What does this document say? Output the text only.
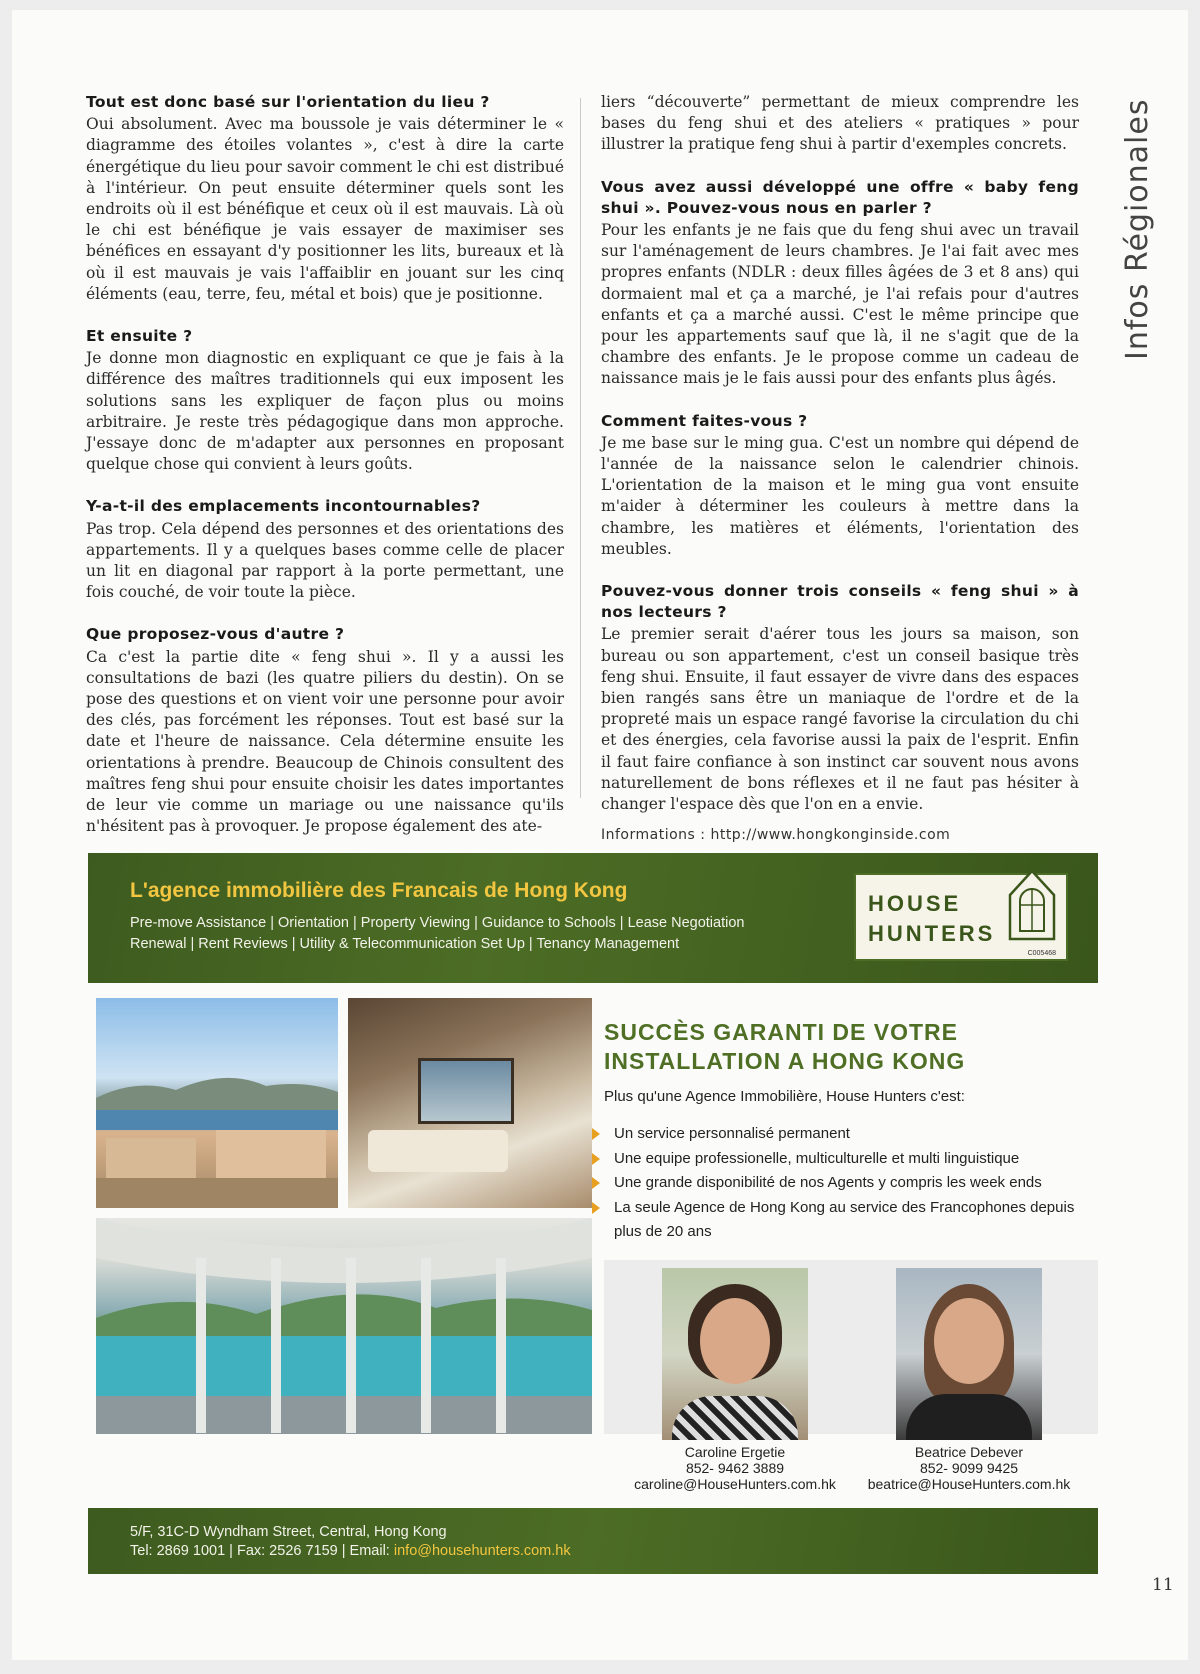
Infos Régionales
Tout est donc basé sur l'orientation du lieu ?
Oui absolument. Avec ma boussole je vais déterminer le « diagramme des étoiles volantes », c'est à dire la carte énergétique du lieu pour savoir comment le chi est distribué à l'intérieur. On peut ensuite déterminer quels sont les endroits où il est bénéfique et ceux où il est mauvais. Là où le chi est bénéfique je vais essayer de maximiser ses bénéfices en essayant d'y positionner les lits, bureaux et là où il est mauvais je vais l'affaiblir en jouant sur les cinq éléments (eau, terre, feu, métal et bois) que je positionne.
Et ensuite ?
Je donne mon diagnostic en expliquant ce que je fais à la différence des maîtres traditionnels qui eux imposent les solutions sans les expliquer de façon plus ou moins arbitraire. Je reste très pédagogique dans mon approche. J'essaye donc de m'adapter aux personnes en proposant quelque chose qui convient à leurs goûts.
Y-a-t-il des emplacements incontournables?
Pas trop. Cela dépend des personnes et des orientations des appartements. Il y a quelques bases comme celle de placer un lit en diagonal par rapport à la porte permettant, une fois couché, de voir toute la pièce.
Que proposez-vous d'autre ?
Ca c'est la partie dite « feng shui ». Il y a aussi les consultations de bazi (les quatre piliers du destin). On se pose des questions et on vient voir une personne pour avoir des clés, pas forcément les réponses. Tout est basé sur la date et l'heure de naissance. Cela détermine ensuite les orientations à prendre. Beaucoup de Chinois consultent des maîtres feng shui pour ensuite choisir les dates importantes de leur vie comme un mariage ou une naissance qu'ils n'hésitent pas à provoquer. Je propose également des ate-
liers “découverte” permettant de mieux comprendre les bases du feng shui et des ateliers « pratiques » pour illustrer la pratique feng shui à partir d'exemples concrets.
Vous avez aussi développé une offre « baby feng shui ». Pouvez-vous nous en parler ?
Pour les enfants je ne fais que du feng shui avec un travail sur l'aménagement de leurs chambres. Je l'ai fait avec mes propres enfants (NDLR : deux filles âgées de 3 et 8 ans) qui dormaient mal et ça a marché, je l'ai refais pour d'autres enfants et ça a marché aussi. C'est le même principe que pour les appartements sauf que là, il ne s'agit que de la chambre des enfants. Je le propose comme un cadeau de naissance mais je le fais aussi pour des enfants plus âgés.
Comment faites-vous ?
Je me base sur le ming gua. C'est un nombre qui dépend de l'année de la naissance selon le calendrier chinois. L'orientation de la maison et le ming gua vont ensuite m'aider à déterminer les couleurs à mettre dans la chambre, les matières et éléments, l'orientation des meubles.
Pouvez-vous donner trois conseils « feng shui » à nos lecteurs ?
Le premier serait d'aérer tous les jours sa maison, son bureau ou son appartement, c'est un conseil basique très feng shui. Ensuite, il faut essayer de vivre dans des espaces bien rangés sans être un maniaque de l'ordre et de la propreté mais un espace rangé favorise la circulation du chi et des énergies, cela favorise aussi la paix de l'esprit. Enfin il faut faire confiance à son instinct car souvent nous avons naturellement de bons réflexes et il ne faut pas hésiter à changer l'espace dès que l'on en a envie.
Informations : http://www.hongkonginside.com
L'agence immobilière des Francais de Hong Kong
Pre-move Assistance | Orientation | Property Viewing | Guidance to Schools | Lease Negotiation
Renewal | Rent Reviews | Utility & Telecommunication Set Up | Tenancy Management
HOUSE
HUNTERS
C005468
SUCCÈS GARANTI DE VOTRE
INSTALLATION A HONG KONG
Plus qu'une Agence Immobilière, House Hunters c'est:
Un service personnalisé permanent
Une equipe professionelle, multiculturelle et multi linguistique
Une grande disponibilité de nos Agents y compris les week ends
La seule Agence de Hong Kong au service des Francophones depuis plus de 20 ans
Caroline Ergetie
852- 9462 3889
caroline@HouseHunters.com.hk
Beatrice Debever
852- 9099 9425
beatrice@HouseHunters.com.hk
5/F, 31C-D Wyndham Street, Central, Hong Kong
Tel: 2869 1001 | Fax: 2526 7159 | Email: info@househunters.com.hk
11
